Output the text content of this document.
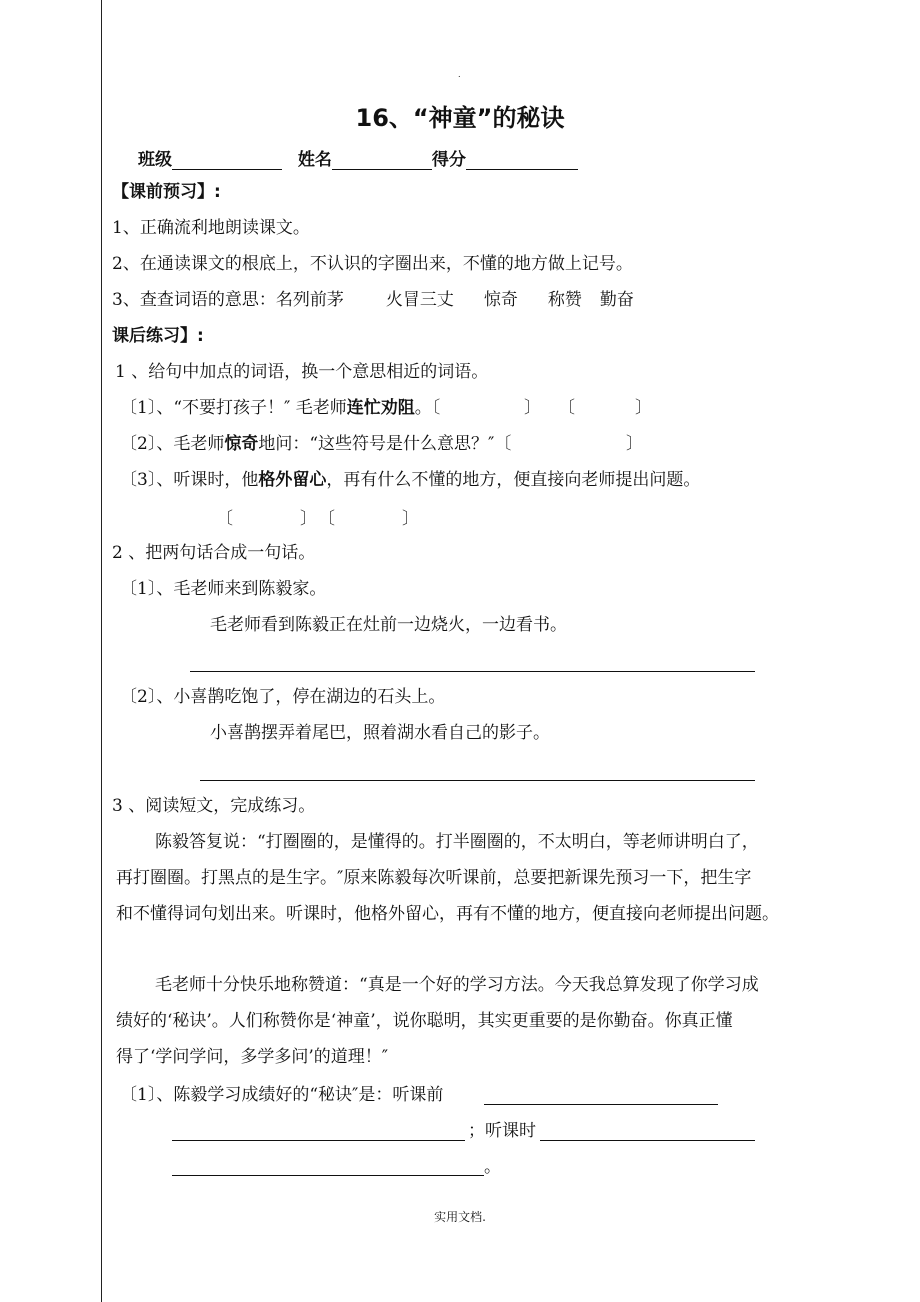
.
16、“神童”的秘诀
班级	姓名	得分
【课前预习】:
1、正确流利地朗读课文。
2、在通读课文的根底上，不认识的字圈出来，不懂的地方做上记号。
3、查查词语的意思：名列前茅 火冒三丈 惊奇 称赞 勤奋
课后练习】:
1 、给句中加点的词语，换一个意思相近的词语。
〔1〕、“不要打孩子！″ 毛老师连忙劝阻。〔	〕 〔	〕
〔2〕、毛老师惊奇地问：“这些符号是什么意思？″〔	〕
〔3〕、听课时，他格外留心，再有什么不懂的地方，便直接向老师提出问题。
〔	〕 〔	〕
2 、把两句话合成一句话。
〔1〕、毛老师来到陈毅家。
毛老师看到陈毅正在灶前一边烧火，一边看书。
〔2〕、小喜鹊吃饱了，停在湖边的石头上。
小喜鹊摆弄着尾巴，照着湖水看自己的影子。
3 、阅读短文，完成练习。
陈毅答复说：“打圈圈的，是懂得的。打半圈圈的，不太明白，等老师讲明白了，
再打圈圈。打黑点的是生字。″原来陈毅每次听课前，总要把新课先预习一下，把生字
和不懂得词句划出来。听课时，他格外留心，再有不懂的地方，便直接向老师提出问题。
毛老师十分快乐地称赞道：“真是一个好的学习方法。今天我总算发现了你学习成
绩好的‘秘诀’。人们称赞你是‘神童’，说你聪明，其实更重要的是你勤奋。你真正懂
得了‘学问学问，多学多问’的道理！″
〔1〕、陈毅学习成绩好的“秘诀″是：听课前
；听课时
。
实用文档.
